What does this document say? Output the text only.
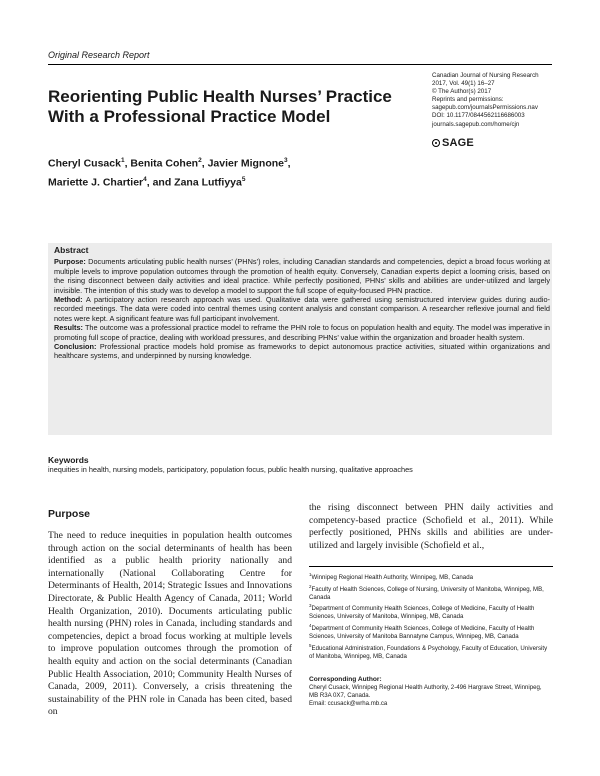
Original Research Report
Reorienting Public Health Nurses’ Practice With a Professional Practice Model
Canadian Journal of Nursing Research
2017, Vol. 49(1) 16–27
© The Author(s) 2017
Reprints and permissions:
sagepub.com/journalsPermissions.nav
DOI: 10.1177/0844562116686003
journals.sagepub.com/home/cjn
SAGE
Cheryl Cusack$^1$, Benita Cohen$^2$, Javier Mignone$^3$,
Mariette J. Chartier$^4$, and Zana Lutfiyya$^5$
Abstract

Purpose: Documents articulating public health nurses’ (PHNs’) roles, including Canadian standards and competencies, depict a broad focus working at multiple levels to improve population outcomes through the promotion of health equity. Conversely, Canadian experts depict a looming crisis, based on the rising disconnect between daily activities and ideal practice. While perfectly positioned, PHNs’ skills and abilities are under-utilized and largely invisible. The intention of this study was to develop a model to support the full scope of equity-focused PHN practice.

Method: A participatory action research approach was used. Qualitative data were gathered using semistructured interview guides during audio-recorded meetings. The data were coded into central themes using content analysis and constant comparison. A researcher reflexive journal and field notes were kept. A significant feature was full participant involvement.

Results: The outcome was a professional practice model to reframe the PHN role to focus on population health and equity. The model was imperative in promoting full scope of practice, dealing with workload pressures, and describing PHNs’ value within the organization and broader health system.

Conclusion: Professional practice models hold promise as frameworks to depict autonomous practice activities, situated within organizations and healthcare systems, and underpinned by nursing knowledge.

Keywords
inequities in health, nursing models, participatory, population focus, public health nursing, qualitative approaches
Purpose
The need to reduce inequities in population health outcomes through action on the social determinants of health has been identified as a public health priority nationally and internationally (National Collaborating Centre for Determinants of Health, 2014; Strategic Issues and Innovations Directorate, & Public Health Agency of Canada, 2011; World Health Organization, 2010). Documents articulating public health nursing (PHN) roles in Canada, including standards and competencies, depict a broad focus working at multiple levels to improve population outcomes through the promotion of health equity and action on the social determinants (Canadian Public Health Association, 2010; Community Health Nurses of Canada, 2009, 2011). Conversely, a crisis threatening the sustainability of the PHN role in Canada has been cited, based on
the rising disconnect between PHN daily activities and competency-based practice (Schofield et al., 2011). While perfectly positioned, PHNs skills and abilities are under-utilized and largely invisible (Schofield et al.,
$^1$Winnipeg Regional Health Authority, Winnipeg, MB, Canada
$^2$Faculty of Health Sciences, College of Nursing, University of Manitoba, Winnipeg, MB, Canada
$^3$Department of Community Health Sciences, College of Medicine, Faculty of Health Sciences, University of Manitoba, Winnipeg, MB, Canada
$^4$Department of Community Health Sciences, College of Medicine, Faculty of Health Sciences, University of Manitoba Bannatyne Campus, Winnipeg, MB, Canada
$^5$Educational Administration, Foundations & Psychology, Faculty of Education, University of Manitoba, Winnipeg, MB, Canada
Corresponding Author:
Cheryl Cusack, Winnipeg Regional Health Authority, 2-496 Hargrave Street, Winnipeg, MB R3A 0X7, Canada.
Email: ccusack@wrha.mb.ca
